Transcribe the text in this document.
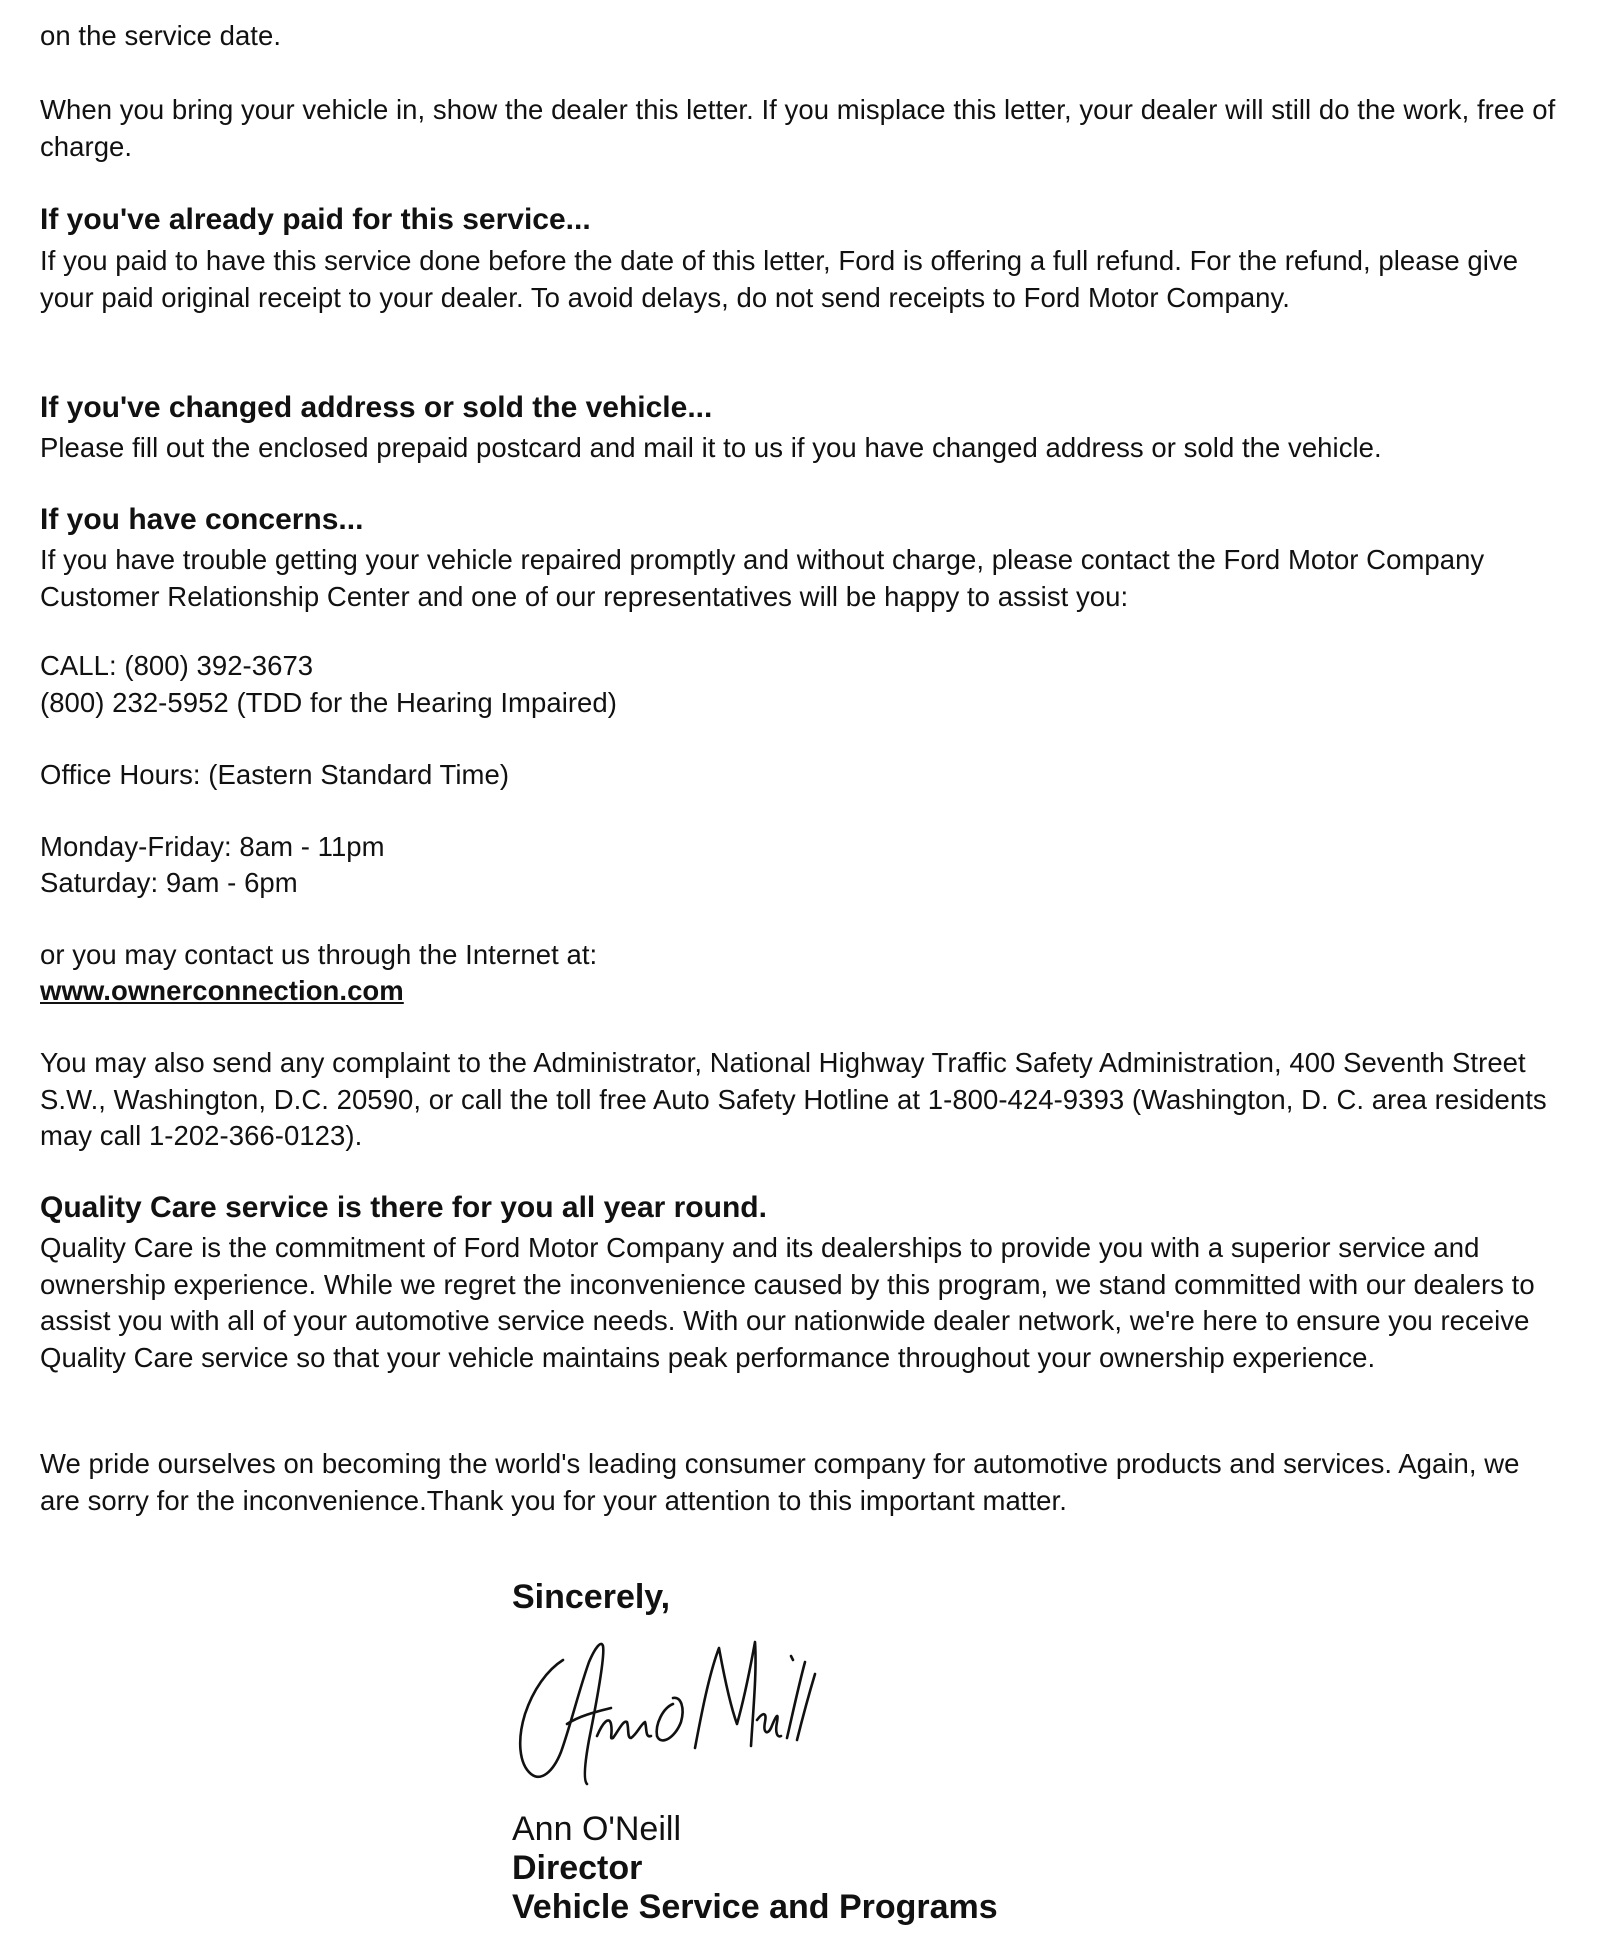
on the service date.

When you bring your vehicle in, show the dealer this letter. If you misplace this letter, your dealer will still do the work, free of charge.

If you've already paid for this service...

If you paid to have this service done before the date of this letter, Ford is offering a full refund. For the refund, please give your paid original receipt to your dealer. To avoid delays, do not send receipts to Ford Motor Company.

If you've changed address or sold the vehicle...

Please fill out the enclosed prepaid postcard and mail it to us if you have changed address or sold the vehicle.

If you have concerns...

If you have trouble getting your vehicle repaired promptly and without charge, please contact the Ford Motor Company Customer Relationship Center and one of our representatives will be happy to assist you:

CALL: (800) 392-3673

(800) 232-5952 (TDD for the Hearing Impaired)

Office Hours: (Eastern Standard Time)

Monday-Friday: 8am - 11pm

Saturday: 9am - 6pm

or you may contact us through the Internet at:

www.ownerconnection.com

You may also send any complaint to the Administrator, National Highway Traffic Safety Administration, 400 Seventh Street S.W., Washington, D.C. 20590, or call the toll free Auto Safety Hotline at 1-800-424-9393 (Washington, D. C. area residents may call 1-202-366-0123).

Quality Care service is there for you all year round.

Quality Care is the commitment of Ford Motor Company and its dealerships to provide you with a superior service and ownership experience. While we regret the inconvenience caused by this program, we stand committed with our dealers to assist you with all of your automotive service needs. With our nationwide dealer network, we're here to ensure you receive Quality Care service so that your vehicle maintains peak performance throughout your ownership experience.

We pride ourselves on becoming the world's leading consumer company for automotive products and services. Again, we are sorry for the inconvenience.Thank you for your attention to this important matter.

Sincerely,

Ann O'Neill

Director

Vehicle Service and Programs
